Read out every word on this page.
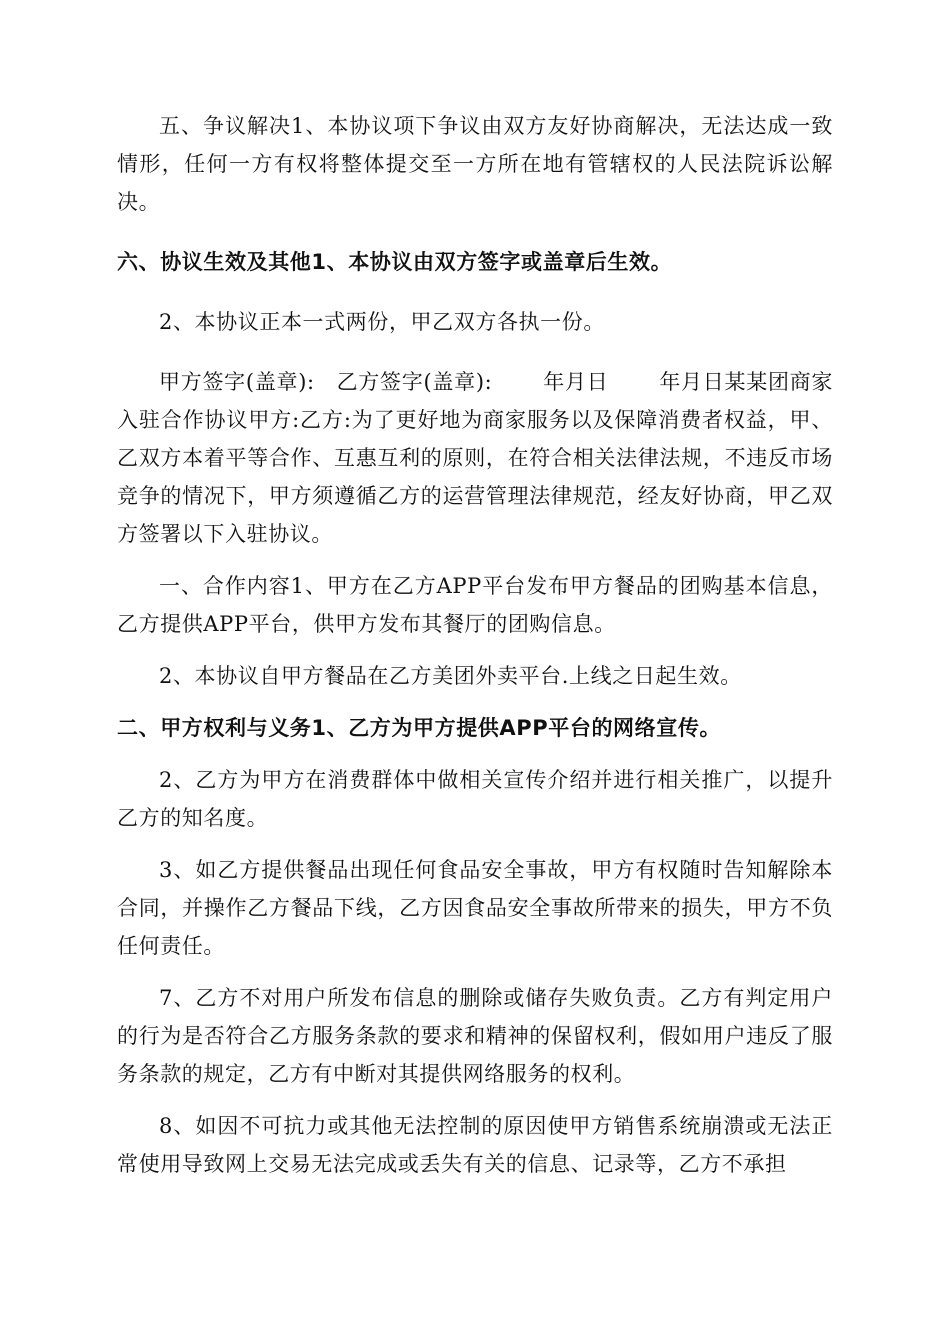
五、争议解决1、本协议项下争议由双方友好协商解决，无法达成一致情形，任何一方有权将整体提交至一方所在地有管辖权的人民法院诉讼解决。

六、协议生效及其他1、本协议由双方签字或盖章后生效。

2、本协议正本一式两份，甲乙双方各执一份。

甲方签字(盖章):　乙方签字(盖章):　　 年月日　　 年月日某某团商家入驻合作协议甲方:乙方:为了更好地为商家服务以及保障消费者权益，甲、乙双方本着平等合作、互惠互利的原则，在符合相关法律法规，不违反市场竞争的情况下，甲方须遵循乙方的运营管理法律规范，经友好协商，甲乙双方签署以下入驻协议。

一、合作内容1、甲方在乙方APP平台发布甲方餐品的团购基本信息，乙方提供APP平台，供甲方发布其餐厅的团购信息。

2、本协议自甲方餐品在乙方美团外卖平台.上线之日起生效。

二、甲方权利与义务1、乙方为甲方提供APP平台的网络宣传。

2、乙方为甲方在消费群体中做相关宣传介绍并进行相关推广，以提升乙方的知名度。

3、如乙方提供餐品出现任何食品安全事故，甲方有权随时告知解除本合同，并操作乙方餐品下线，乙方因食品安全事故所带来的损失，甲方不负任何责任。

7、乙方不对用户所发布信息的删除或储存失败负责。乙方有判定用户的行为是否符合乙方服务条款的要求和精神的保留权利，假如用户违反了服务条款的规定，乙方有中断对其提供网络服务的权利。

8、如因不可抗力或其他无法控制的原因使甲方销售系统崩溃或无法正常使用导致网上交易无法完成或丢失有关的信息、记录等，乙方不承担
